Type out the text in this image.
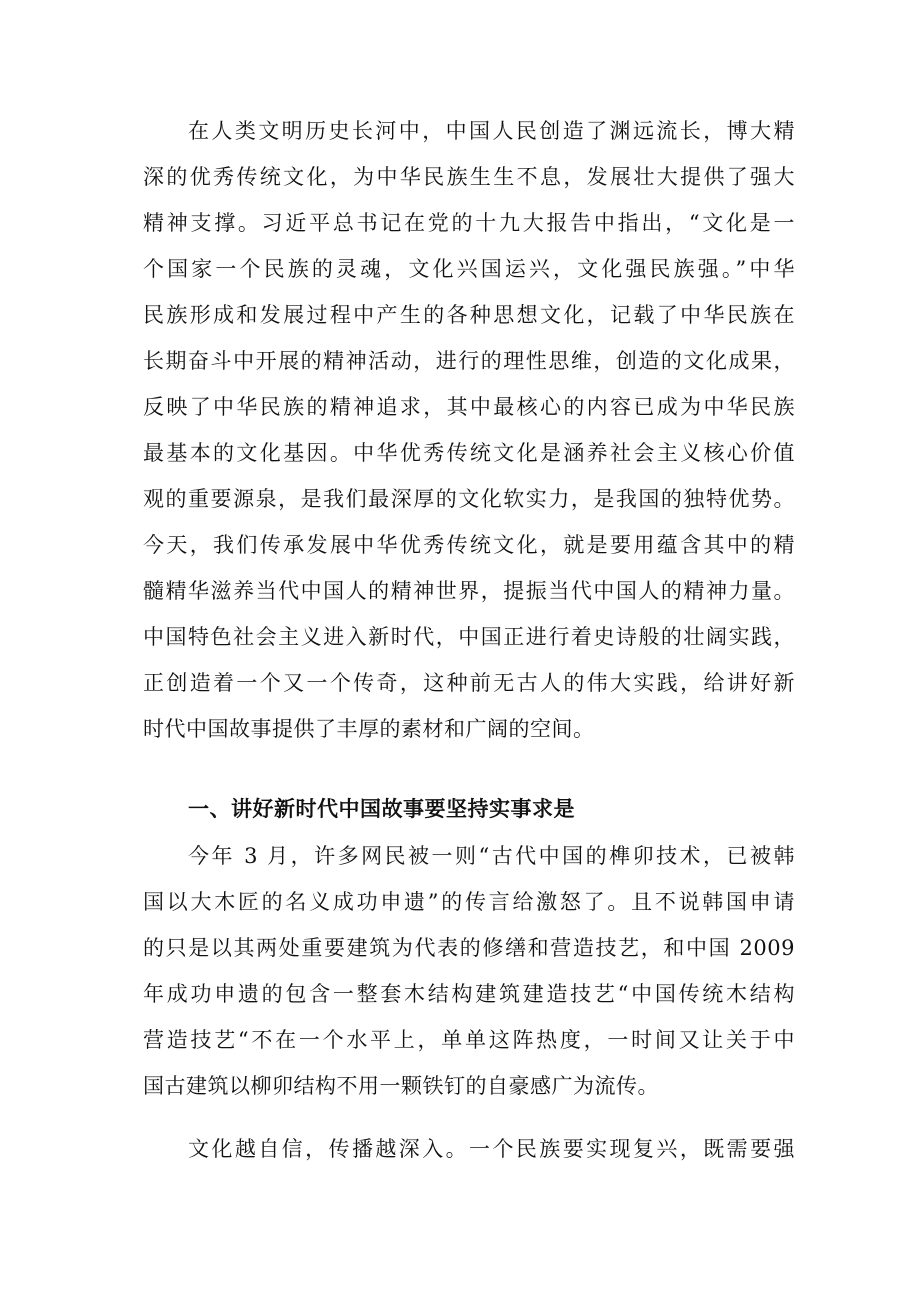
在人类文明历史长河中，中国人民创造了渊远流长，博大精
深的优秀传统文化，为中华民族生生不息，发展壮大提供了强大
精神支撑。习近平总书记在党的十九大报告中指出，“文化是一
个国家一个民族的灵魂，文化兴国运兴，文化强民族强。”中华
民族形成和发展过程中产生的各种思想文化，记载了中华民族在
长期奋斗中开展的精神活动，进行的理性思维，创造的文化成果，
反映了中华民族的精神追求，其中最核心的内容已成为中华民族
最基本的文化基因。中华优秀传统文化是涵养社会主义核心价值
观的重要源泉，是我们最深厚的文化软实力，是我国的独特优势。
今天，我们传承发展中华优秀传统文化，就是要用蕴含其中的精
髓精华滋养当代中国人的精神世界，提振当代中国人的精神力量。
中国特色社会主义进入新时代，中国正进行着史诗般的壮阔实践，
正创造着一个又一个传奇，这种前无古人的伟大实践，给讲好新
时代中国故事提供了丰厚的素材和广阔的空间。
一、讲好新时代中国故事要坚持实事求是
今年 3 月，许多网民被一则“古代中国的榫卯技术，已被韩
国以大木匠的名义成功申遗”的传言给激怒了。且不说韩国申请
的只是以其两处重要建筑为代表的修缮和营造技艺，和中国 2009
年成功申遗的包含一整套木结构建筑建造技艺“中国传统木结构
营造技艺“不在一个水平上，单单这阵热度，一时间又让关于中
国古建筑以柳卯结构不用一颗铁钉的自豪感广为流传。
文化越自信，传播越深入。一个民族要实现复兴，既需要强
